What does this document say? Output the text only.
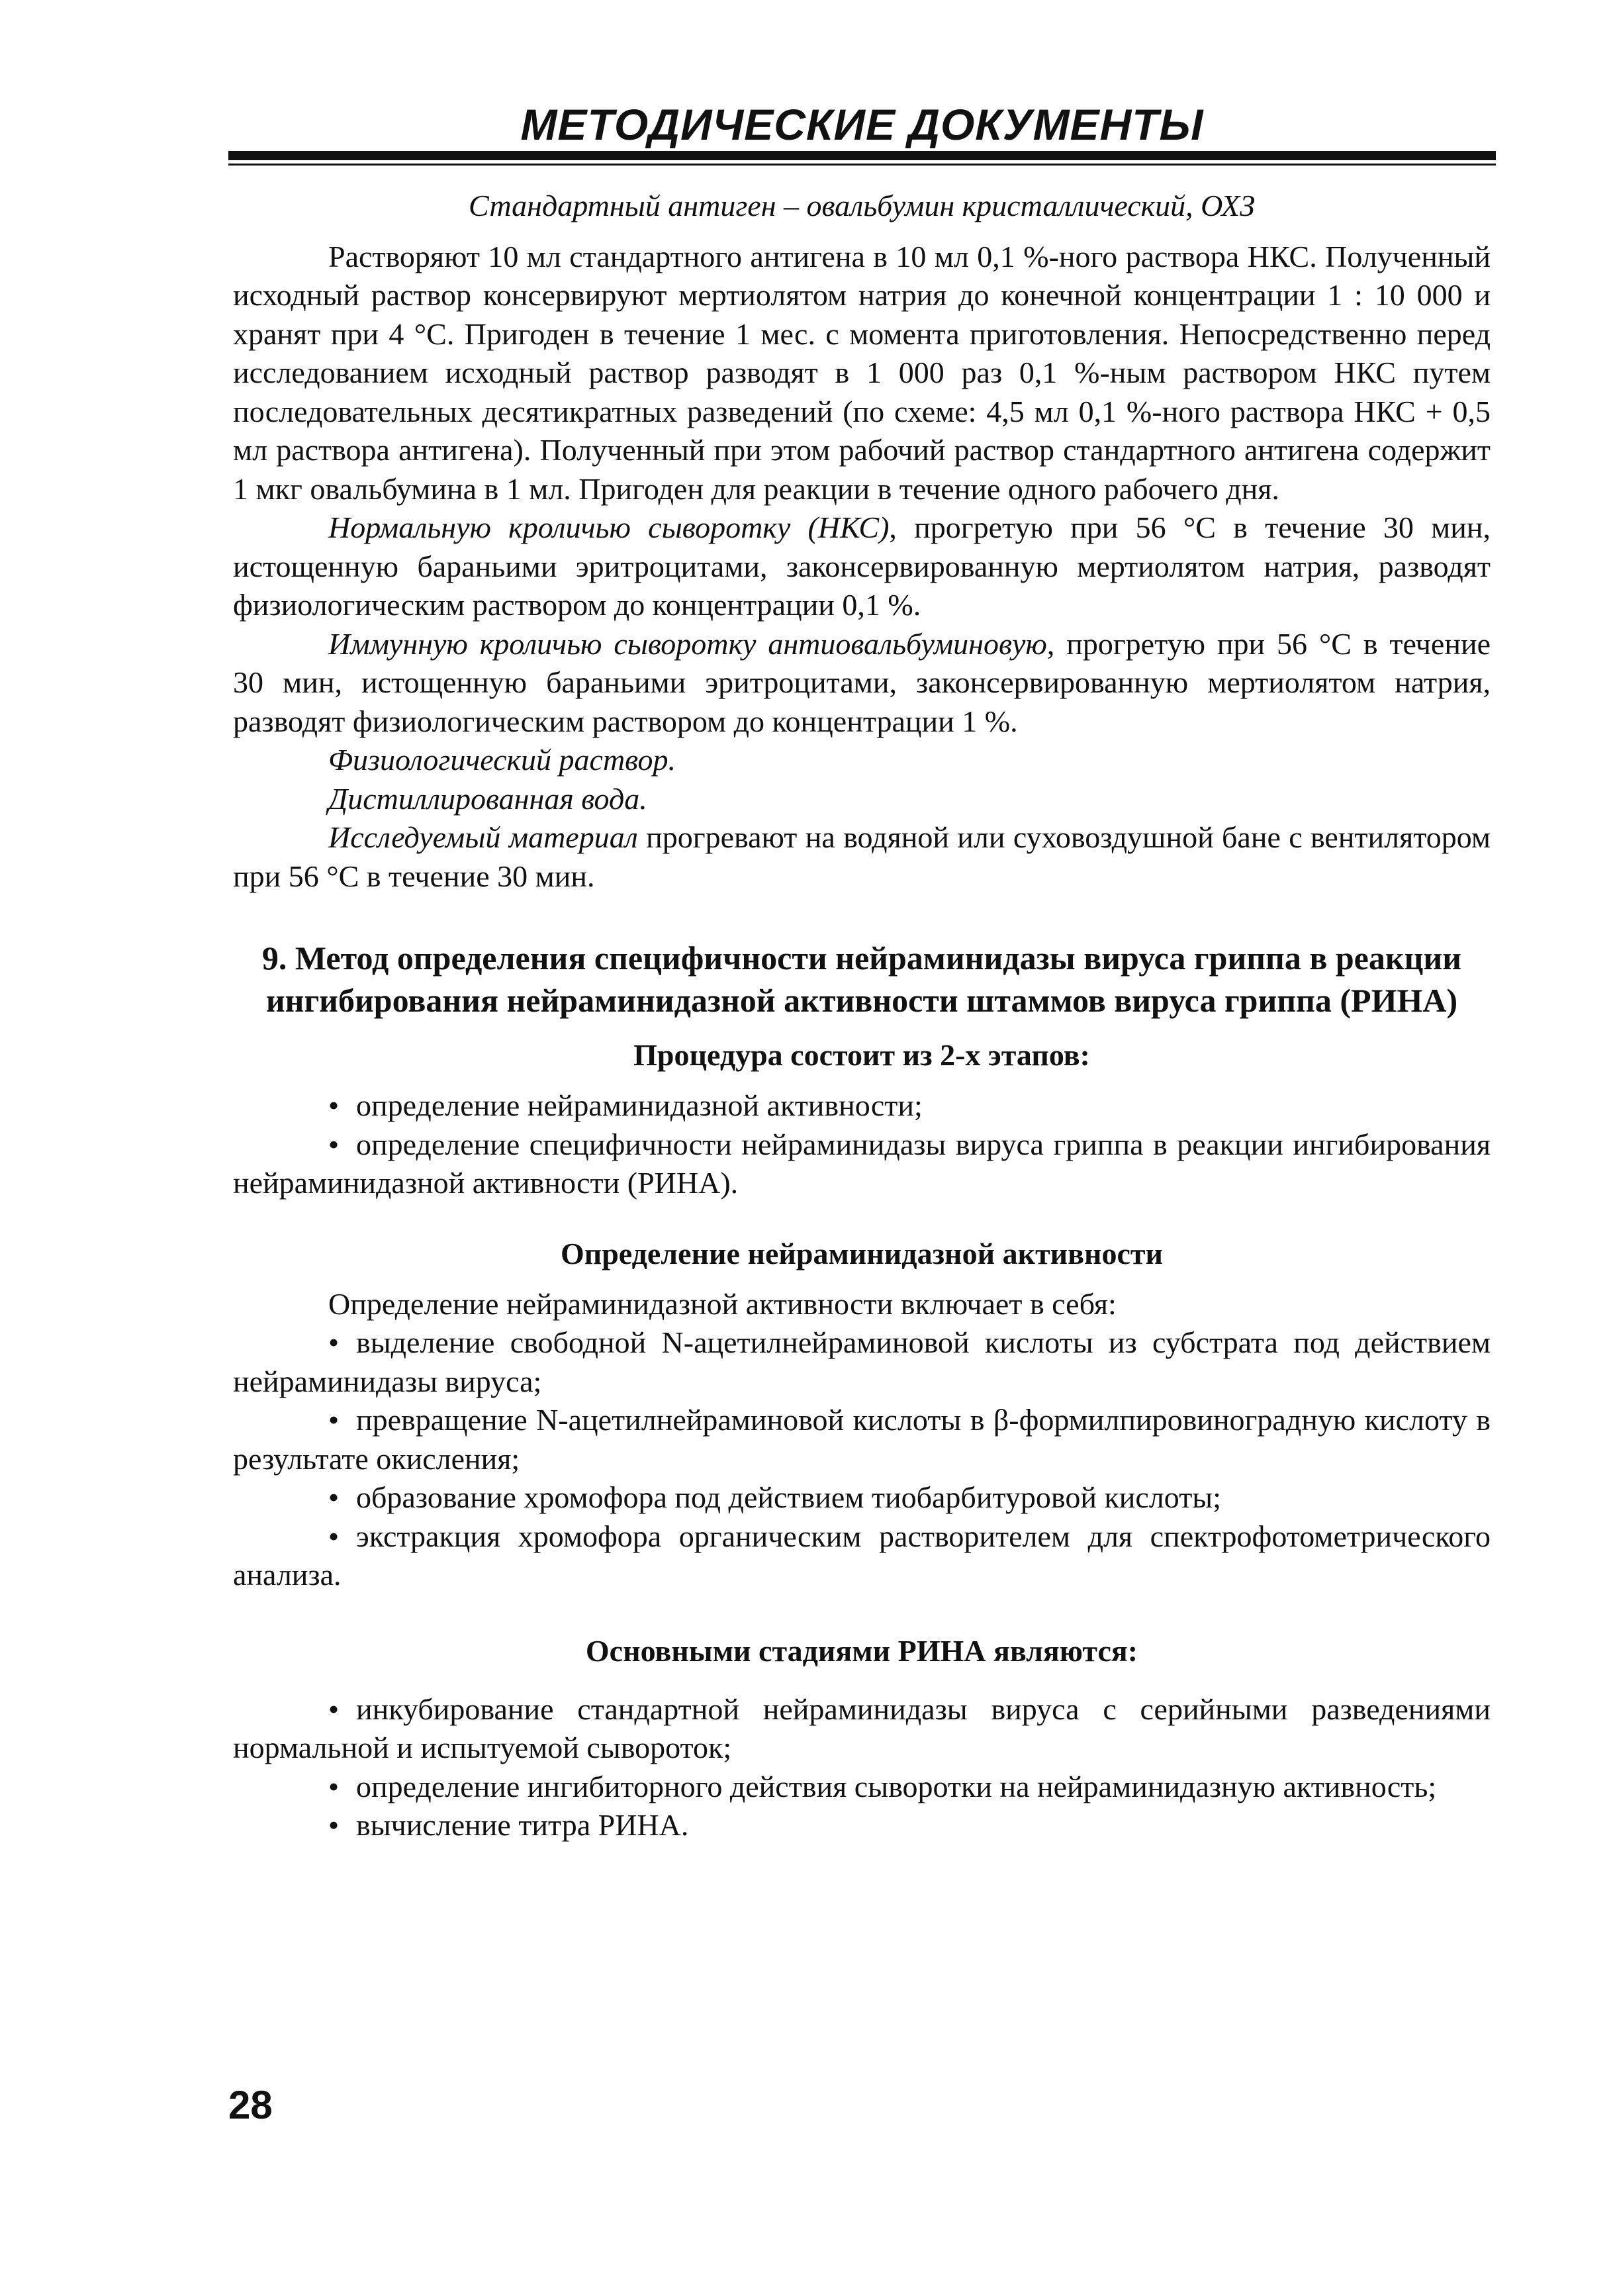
МЕТОДИЧЕСКИЕ ДОКУМЕНТЫ

Стандартный антиген – овальбумин кристаллический, ОХЗ

Растворяют 10 мл стандартного антигена в 10 мл 0,1 %-ного раствора НКС. Полученный исходный раствор консервируют мертиолятом натрия до конечной концентрации 1 : 10 000 и хранят при 4 °С. Пригоден в течение 1 мес. с момента приготовления. Непосредственно перед исследованием исходный раствор разводят в 1 000 раз 0,1 %-ным раствором НКС путем последовательных десятикратных разведений (по схеме: 4,5 мл 0,1 %-ного раствора НКС + 0,5 мл раствора антигена). Полученный при этом рабочий раствор стандартного антигена содержит 1 мкг овальбумина в 1 мл. Пригоден для реакции в течение одного рабочего дня.

Нормальную кроличью сыворотку (НКС), прогретую при 56 °С в течение 30 мин, истощенную бараньими эритроцитами, законсервированную мертиолятом натрия, разводят физиологическим раствором до концентрации 0,1 %.

Иммунную кроличью сыворотку антиовальбуминовую, прогретую при 56 °С в течение 30 мин, истощенную бараньими эритроцитами, законсервированную мертиолятом натрия, разводят физиологическим раствором до концентрации 1 %.

Физиологический раствор.

Дистиллированная вода.

Исследуемый материал прогревают на водяной или суховоздушной бане с вентилятором при 56 °С в течение 30 мин.

9. Метод определения специфичности нейраминидазы вируса гриппа в реакции ингибирования нейраминидазной активности штаммов вируса гриппа (РИНА)

Процедура состоит из 2-х этапов:

• определение нейраминидазной активности;

• определение специфичности нейраминидазы вируса гриппа в реакции ингибирования нейраминидазной активности (РИНА).

Определение нейраминидазной активности

Определение нейраминидазной активности включает в себя:

• выделение свободной N-ацетилнейраминовой кислоты из субстрата под действием нейраминидазы вируса;

• превращение N-ацетилнейраминовой кислоты в β-формилпировиноградную кислоту в результате окисления;

• образование хромофора под действием тиобарбитуровой кислоты;

• экстракция хромофора органическим растворителем для спектрофотометрического анализа.

Основными стадиями РИНА являются:

• инкубирование стандартной нейраминидазы вируса с серийными разведениями нормальной и испытуемой сывороток;

• определение ингибиторного действия сыворотки на нейраминидазную активность;

• вычисление титра РИНА.

28
